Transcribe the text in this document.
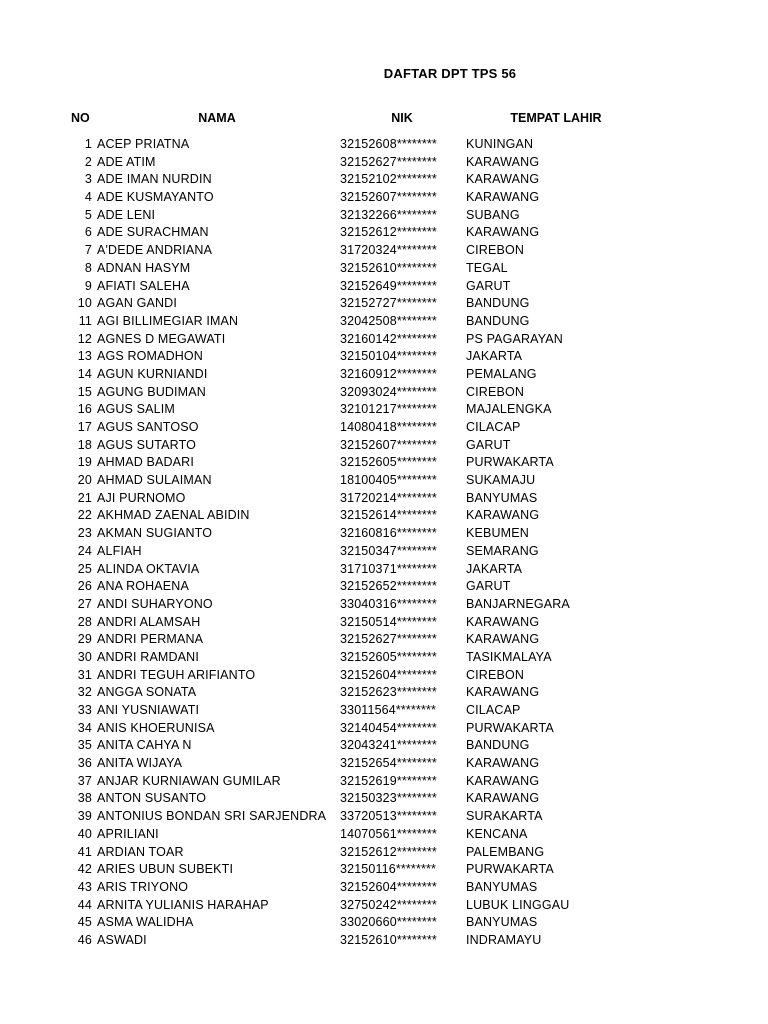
DAFTAR DPT TPS 56
NO	NAMA	NIK	TEMPAT LAHIR
1 ACEP PRIATNA	32152608******** KUNINGAN
2 ADE ATIM	32152627******** KARAWANG
3 ADE IMAN NURDIN	32152102******** KARAWANG
4 ADE KUSMAYANTO	32152607******** KARAWANG
5 ADE LENI	32132266******** SUBANG
6 ADE SURACHMAN	32152612******** KARAWANG
7 A'DEDE ANDRIANA	31720324******** CIREBON
8 ADNAN HASYM	32152610******** TEGAL
9 AFIATI SALEHA	32152649******** GARUT
10 AGAN GANDI	32152727******** BANDUNG
11 AGI BILLIMEGIAR IMAN	32042508******** BANDUNG
12 AGNES D MEGAWATI	32160142******** PS PAGARAYAN
13 AGS ROMADHON	32150104******** JAKARTA
14 AGUN KURNIANDI	32160912******** PEMALANG
15 AGUNG BUDIMAN	32093024******** CIREBON
16 AGUS SALIM	32101217******** MAJALENGKA
17 AGUS SANTOSO	14080418******** CILACAP
18 AGUS SUTARTO	32152607******** GARUT
19 AHMAD BADARI	32152605******** PURWAKARTA
20 AHMAD SULAIMAN	18100405******** SUKAMAJU
21 AJI PURNOMO	31720214******** BANYUMAS
22 AKHMAD ZAENAL ABIDIN	32152614******** KARAWANG
23 AKMAN SUGIANTO	32160816******** KEBUMEN
24 ALFIAH	32150347******** SEMARANG
25 ALINDA OKTAVIA	31710371******** JAKARTA
26 ANA ROHAENA	32152652******** GARUT
27 ANDI SUHARYONO	33040316******** BANJARNEGARA
28 ANDRI ALAMSAH	32150514******** KARAWANG
29 ANDRI PERMANA	32152627******** KARAWANG
30 ANDRI RAMDANI	32152605******** TASIKMALAYA
31 ANDRI TEGUH ARIFIANTO	32152604******** CIREBON
32 ANGGA SONATA	32152623******** KARAWANG
33 ANI YUSNIAWATI	33011564******** CILACAP
34 ANIS KHOERUNISA	32140454******** PURWAKARTA
35 ANITA CAHYA N	32043241******** BANDUNG
36 ANITA WIJAYA	32152654******** KARAWANG
37 ANJAR KURNIAWAN GUMILAR	32152619******** KARAWANG
38 ANTON SUSANTO	32150323******** KARAWANG
39 ANTONIUS BONDAN SRI SARJENDRA 33720513******** SURAKARTA
40 APRILIANI	14070561******** KENCANA
41 ARDIAN TOAR	32152612******** PALEMBANG
42 ARIES UBUN SUBEKTI	32150116******** PURWAKARTA
43 ARIS TRIYONO	32152604******** BANYUMAS
44 ARNITA YULIANIS HARAHAP	32750242******** LUBUK LINGGAU
45 ASMA WALIDHA	33020660******** BANYUMAS
46 ASWADI	32152610******** INDRAMAYU
